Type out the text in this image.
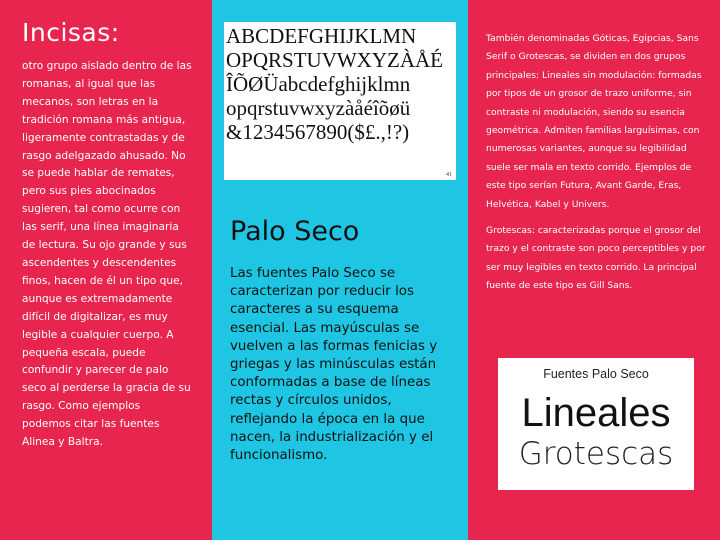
Incisas:
otro grupo aislado dentro de las romanas, al igual que las mecanos, son letras en la tradición romana más antigua, ligeramente contrastadas y de rasgo adelgazado ahusado. No se puede hablar de remates, pero sus pies abocinados sugieren, tal como ocurre con las serif, una línea imaginaria de lectura. Su ojo grande y sus ascendentes y descendentes finos, hacen de él un tipo que, aunque es extremadamente difícil de digitalizar, es muy legible a cualquier cuerpo. A pequeña escala, puede confundir y parecer de palo seco al perderse la gracia de su rasgo. Como ejemplos podemos citar las fuentes Alinea y Baltra.
ABCDEFGHIJKLMN
OPQRSTUVWXYZÀÅÉ
ÎÕØÜabcdefghijklmn
opqrstuvwxyzàåéîõøü
&1234567890($£.,!?)
41
Palo Seco
Las fuentes Palo Seco se caracterizan por reducir los caracteres a su esquema esencial. Las mayúsculas se vuelven a las formas fenicias y griegas y las minúsculas están conformadas a base de líneas rectas y círculos unidos, reflejando la época en la que nacen, la industrialización y el funcionalismo.

También denominadas Góticas, Egipcias, Sans Serif o Grotescas, se dividen en dos grupos principales: Lineales sin modulación: formadas por tipos de un grosor de trazo uniforme, sin contraste ni modulación, siendo su esencia geométrica. Admiten familias larguísimas, con numerosas variantes, aunque su legibilidad suele ser mala en texto corrido. Ejemplos de este tipo serían Futura, Avant Garde, Eras, Helvética, Kabel y Univers.

Grotescas: caracterizadas porque el grosor del trazo y el contraste son poco perceptibles y por ser muy legibles en texto corrido. La principal fuente de este tipo es Gill Sans.

Fuentes Palo Seco
Lineales
Grotescas
